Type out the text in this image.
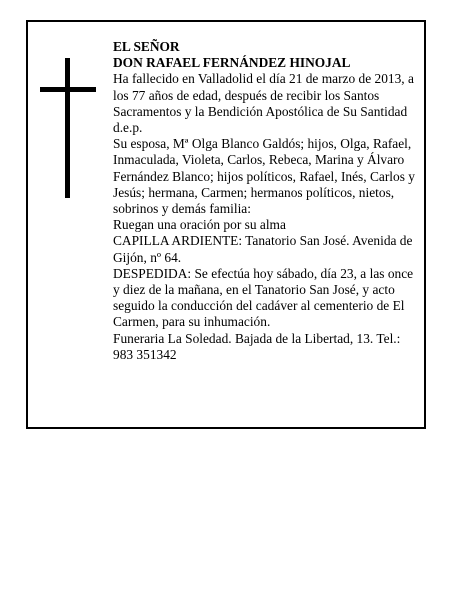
EL SEÑOR

DON RAFAEL FERNÁNDEZ HINOJAL

Ha fallecido en Valladolid el día 21 de marzo de 2013, a los 77 años de edad, después de recibir los Santos Sacramentos y la Bendición Apostólica de Su Santidad

d.e.p.

Su esposa, Mª Olga Blanco Galdós; hijos, Olga, Rafael, Inmaculada, Violeta, Carlos, Rebeca, Marina y Álvaro Fernández Blanco; hijos políticos, Rafael, Inés, Carlos y Jesús; hermana, Carmen; hermanos políticos, nietos, sobrinos y demás familia:

Ruegan una oración por su alma

CAPILLA ARDIENTE: Tanatorio San José. Avenida de Gijón, nº 64.

DESPEDIDA: Se efectúa hoy sábado, día 23, a las once y diez de la mañana, en el Tanatorio San José, y acto seguido la conducción del cadáver al cementerio de El Carmen, para su inhumación.

Funeraria La Soledad. Bajada de la Libertad, 13. Tel.: 983 351342
